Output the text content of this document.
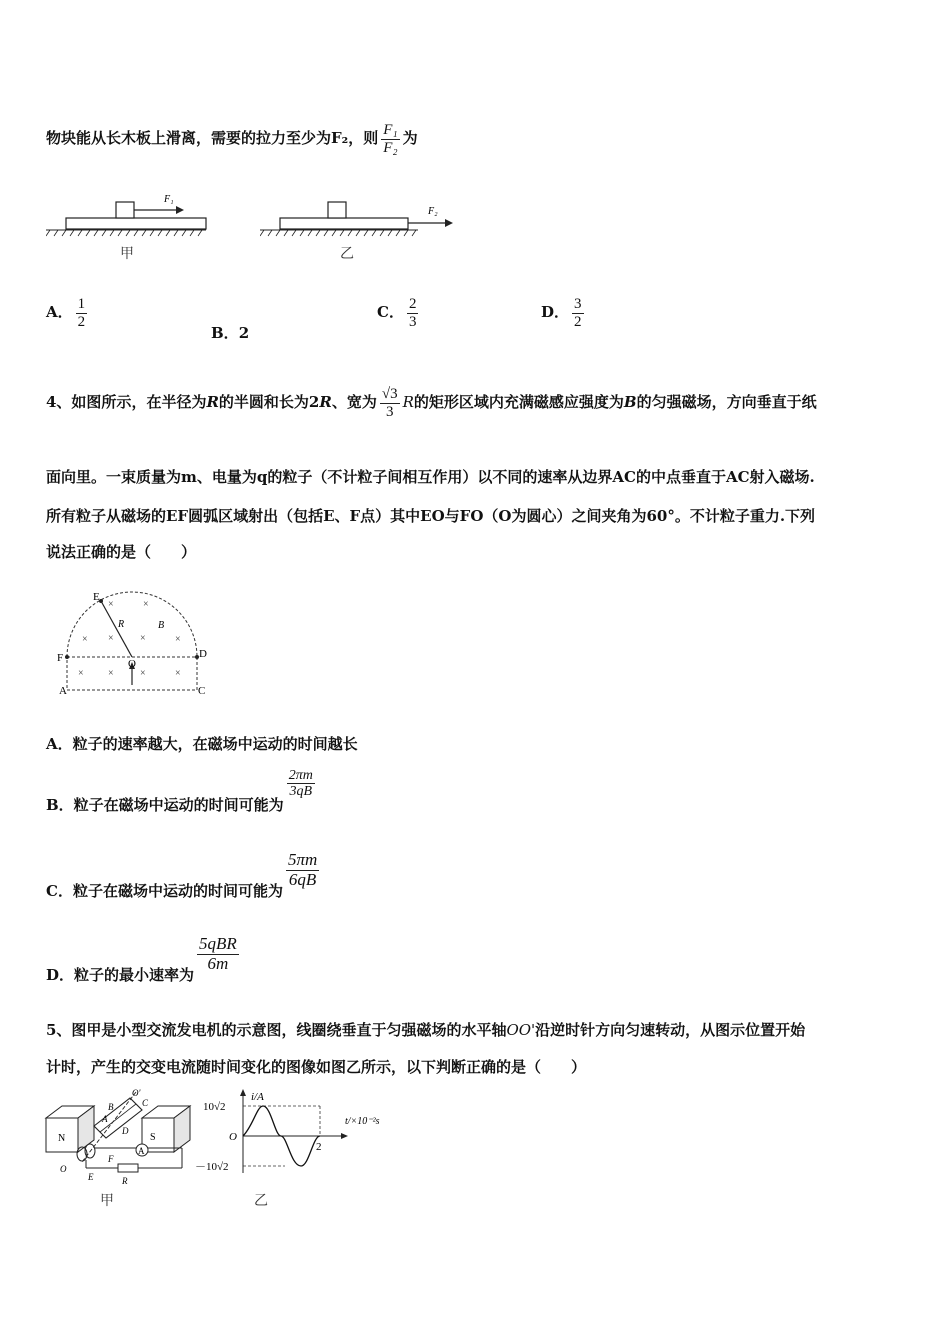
物块能从长木板上滑离，需要的拉力至少为F₂，则 $\frac{\text{F₁}}{\text{F₂}}$ 为
F₁
甲
F₂
乙
A． $\frac{1}{2}$
B．2
C． $\frac{2}{3}$	D． $\frac{3}{2}$
4、如图所示，在半径为R的半圆和长为2R、宽为 $\frac{√3}{3}$ R的矩形区域内充满磁感应强度为B的匀强磁场，方向垂直于纸
面向里。一束质量为m、电量为q的粒子（不计粒子间相互作用）以不同的速率从边界AC的中点垂直于AC射入磁场.
所有粒子从磁场的EF圆弧区域射出（包括E、F点）其中EO与FO（O为圆心）之间夹角为60°。不计粒子重力.下列
说法正确的是（　　）
E
F	D
O
A	C
R	B
×	×
× ×	×	×
× ×	×	×
A．粒子的速率越大，在磁场中运动的时间越长
B．粒子在磁场中运动的时间可能为
$\frac{2\pi m}{3qB}$
C．粒子在磁场中运动的时间可能为
$\frac{5\pi m}{6qB}$
D．粒子的最小速率为
$\frac{\text{5qBR}}{6m}$
5、图甲是小型交流发电机的示意图，线圈绕垂直于匀强磁场的水平轴OO'沿逆时针方向匀速转动，从图示位置开始
计时，产生的交变电流随时间变化的图像如图乙所示，以下判断正确的是（　　）
A
N	S
A
B	C
D
E
F
R
O
O'
甲
i/A
t/×10⁻²s
10√2
－10√2
O
2
乙
